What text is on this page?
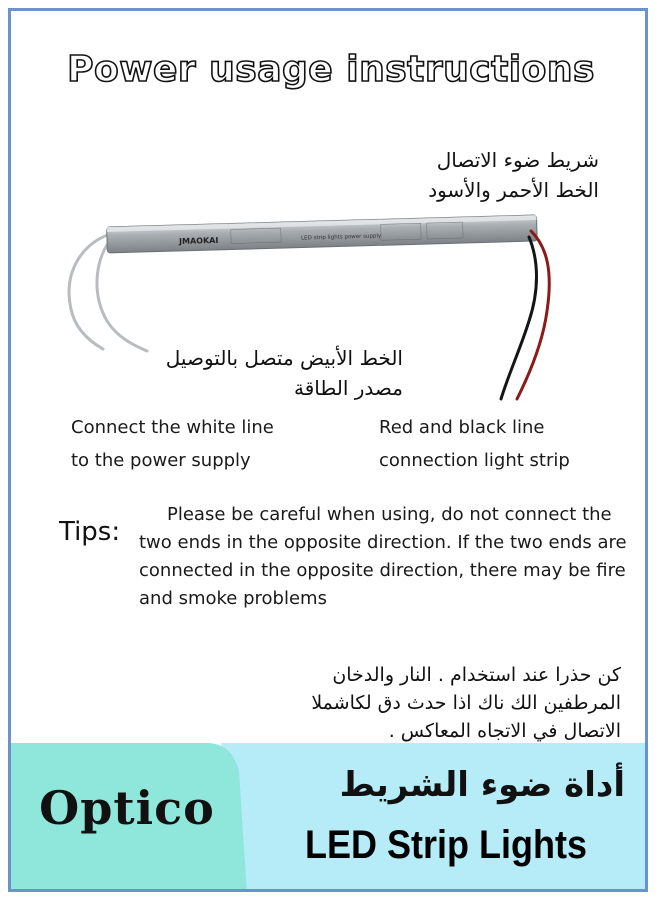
Power usage instructions
شريط ضوء الاتصال
الخط الأحمر والأسود
JMAOKAI	LED strip lights power supply
الخط الأبيض متصل بالتوصيل
مصدر الطاقة
Connect the white line
to the power supply
Red and black line
connection light strip
Tips:
Please be careful when using, do not connect the two ends in the opposite direction. If the two ends are connected in the opposite direction, there may be fire and smoke problems
كن حذرا عند استخدام . النار والدخان
المرطفين الك ناك اذا حدث دق لكاشملا
الاتصال في الاتجاه المعاكس .
Optico	أداة ضوء الشريط
LED Strip Lights
